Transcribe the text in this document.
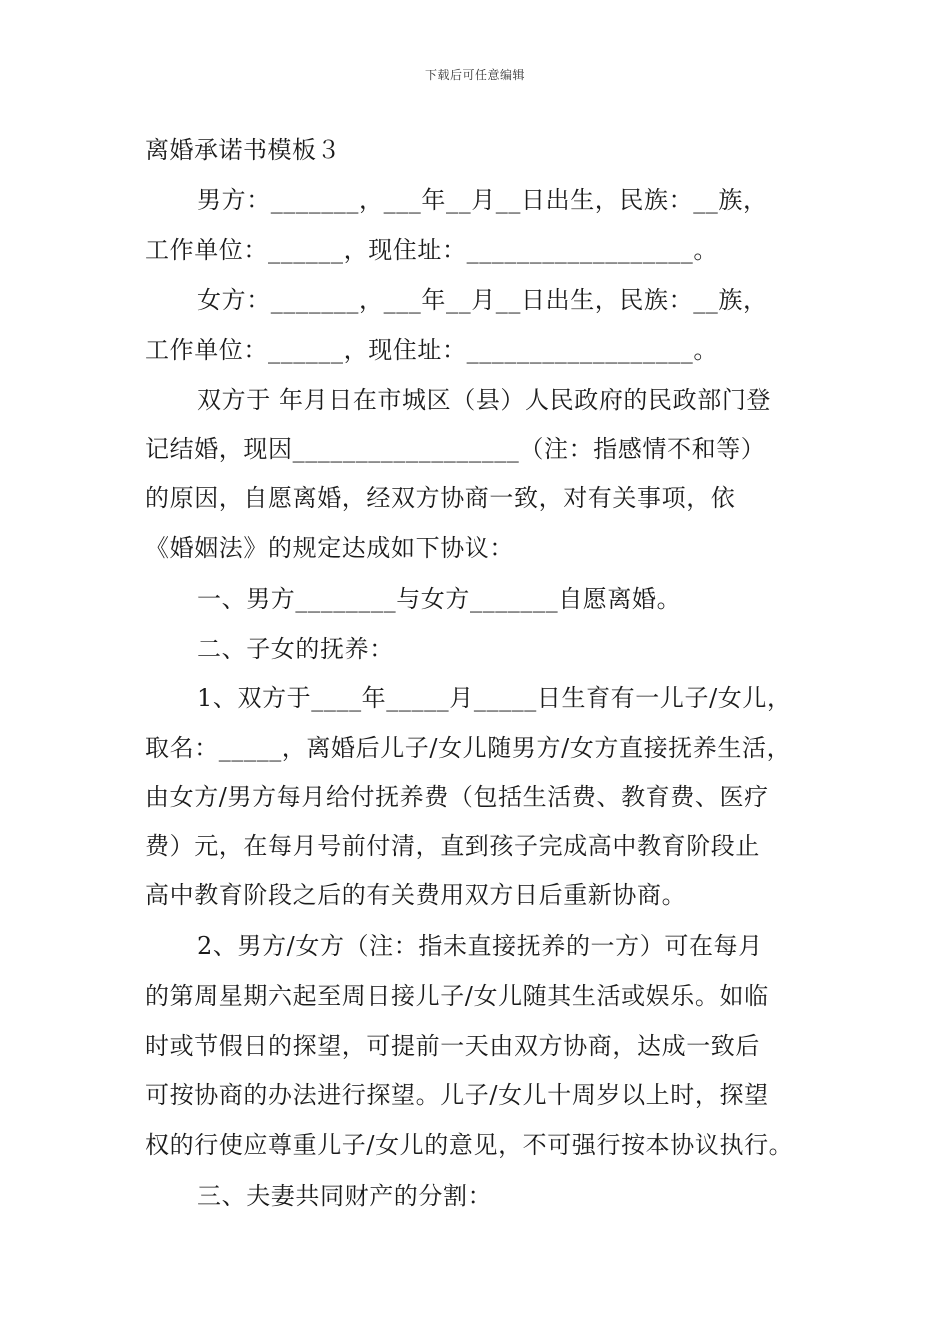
下载后可任意编辑
离婚承诺书模板３
男方：_______，___年__月__日出生，民族：__族，
工作单位：______，现住址：__________________。
女方：_______，___年__月__日出生，民族：__族，
工作单位：______，现住址：__________________。
双方于 年月日在市城区（县）人民政府的民政部门登
记结婚，现因__________________（注：指感情不和等）
的原因，自愿离婚，经双方协商一致，对有关事项，依
《婚姻法》的规定达成如下协议：
一、男方________与女方_______自愿离婚。
二、子女的抚养：
1、双方于____年_____月_____日生育有一儿子/女儿，
取名：_____，离婚后儿子/女儿随男方/女方直接抚养生活，
由女方/男方每月给付抚养费（包括生活费、教育费、医疗
费）元，在每月号前付清，直到孩子完成高中教育阶段止
高中教育阶段之后的有关费用双方日后重新协商。
2、男方/女方（注：指未直接抚养的一方）可在每月
的第周星期六起至周日接儿子/女儿随其生活或娱乐。如临
时或节假日的探望，可提前一天由双方协商，达成一致后
可按协商的办法进行探望。儿子/女儿十周岁以上时，探望
权的行使应尊重儿子/女儿的意见，不可强行按本协议执行。
三、夫妻共同财产的分割：
